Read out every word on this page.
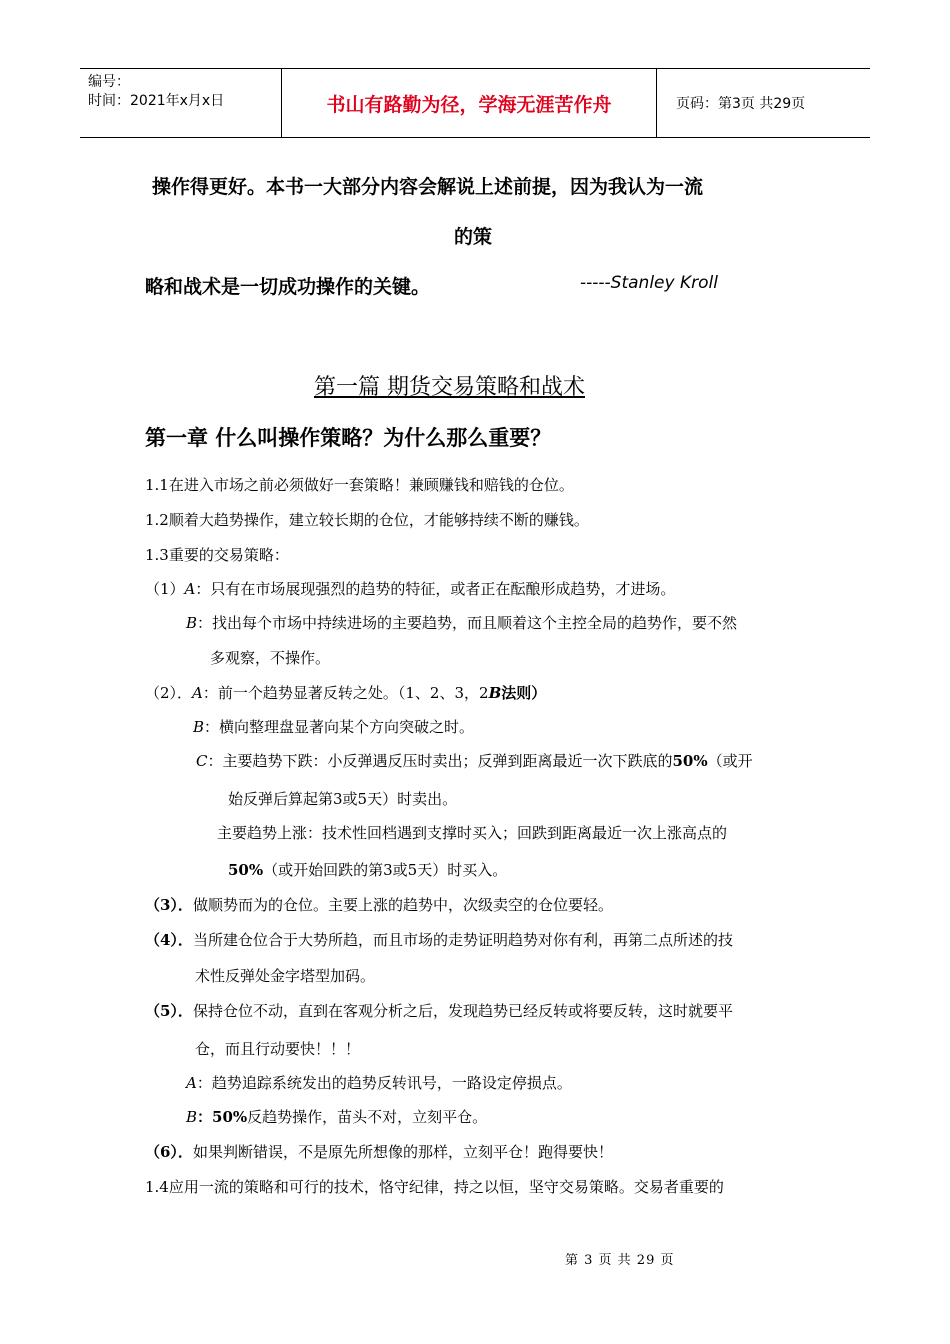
编号：
时间：2021年x月x日	书山有路勤为径，学海无涯苦作舟	页码：第3页 共29页
操作得更好。本书一大部分内容会解说上述前提，因为我认为一流
的策
略和战术是一切成功操作的关键。	-----Stanley Kroll
第一篇 期货交易策略和战术
第一章 什么叫操作策略？为什么那么重要？
1.1在进入市场之前必须做好一套策略！兼顾赚钱和赔钱的仓位。
1.2顺着大趋势操作，建立较长期的仓位，才能够持续不断的赚钱。
1.3重要的交易策略：
（1）A：只有在市场展现强烈的趋势的特征，或者正在酝酿形成趋势，才进场。
B：找出每个市场中持续进场的主要趋势，而且顺着这个主控全局的趋势作，要不然
多观察，不操作。
（2）．A：前一个趋势显著反转之处。（1、2、3，2B法则）
B：横向整理盘显著向某个方向突破之时。
C：主要趋势下跌：小反弹遇反压时卖出；反弹到距离最近一次下跌底的50%（或开
始反弹后算起第3或5天）时卖出。
主要趋势上涨：技术性回档遇到支撑时买入；回跌到距离最近一次上涨高点的
50%（或开始回跌的第3或5天）时买入。
（3）．做顺势而为的仓位。主要上涨的趋势中，次级卖空的仓位要轻。
（4）．当所建仓位合于大势所趋，而且市场的走势证明趋势对你有利，再第二点所述的技
术性反弹处金字塔型加码。
（5）．保持仓位不动，直到在客观分析之后，发现趋势已经反转或将要反转，这时就要平
仓，而且行动要快！！！
A：趋势追踪系统发出的趋势反转讯号，一路设定停损点。
B：50%反趋势操作，苗头不对，立刻平仓。
（6）．如果判断错误，不是原先所想像的那样，立刻平仓！跑得要快！
1.4应用一流的策略和可行的技术，恪守纪律，持之以恒，坚守交易策略。交易者重要的
第 3 页 共 29 页
